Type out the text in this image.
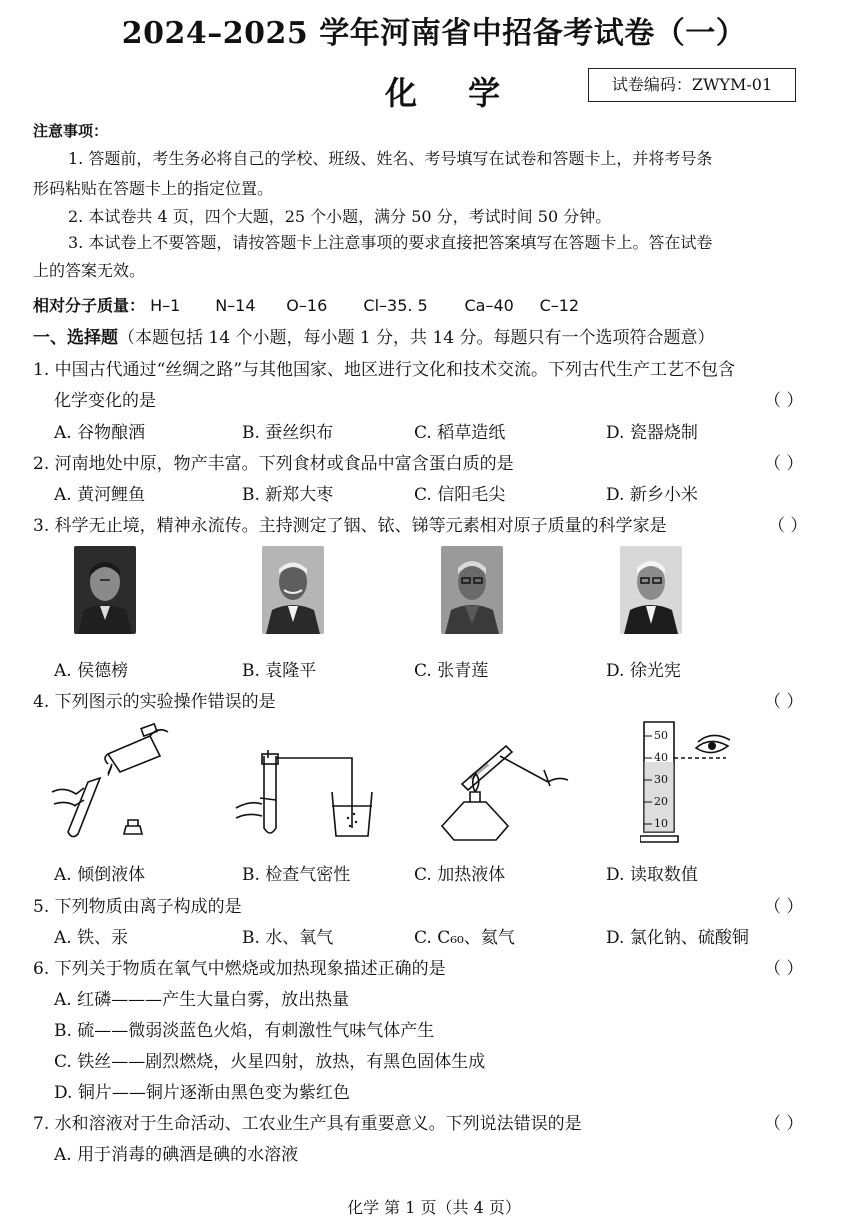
2024–2025 学年河南省中招备考试卷（一）
化 学	试卷编码：ZWYM-01
注意事项：
1. 答题前，考生务必将自己的学校、班级、姓名、考号填写在试卷和答题卡上，并将考号条
形码粘贴在答题卡上的指定位置。
2. 本试卷共 4 页，四个大题，25 个小题，满分 50 分，考试时间 50 分钟。
3. 本试卷上不要答题，请按答题卡上注意事项的要求直接把答案填写在答题卡上。答在试卷
上的答案无效。
相对分子质量： H–1 N–14 O–16 Cl–35. 5 Ca–40 C–12
一、选择题（本题包括 14 个小题，每小题 1 分，共 14 分。每题只有一个选项符合题意）
1. 中国古代通过“丝绸之路”与其他国家、地区进行文化和技术交流。下列古代生产工艺不包含
化学变化的是	（ ）
A. 谷物酿酒	B. 蚕丝织布	C. 稻草造纸	D. 瓷器烧制
2. 河南地处中原，物产丰富。下列食材或食品中富含蛋白质的是	（ ）
A. 黄河鲤鱼	B. 新郑大枣	C. 信阳毛尖	D. 新乡小米
3. 科学无止境，精神永流传。主持测定了铟、铱、锑等元素相对原子质量的科学家是	（ ）
A. 侯德榜	B. 袁隆平	C. 张青莲	D. 徐光宪
4. 下列图示的实验操作错误的是	（ ）
50
40
30
20
10
A. 倾倒液体	B. 检查气密性	C. 加热液体	D. 读取数值
5. 下列物质由离子构成的是	（ ）
A. 铁、汞	B. 水、氧气	C. C₆₀、氦气	D. 氯化钠、硫酸铜
6. 下列关于物质在氧气中燃烧或加热现象描述正确的是	（ ）
A. 红磷———产生大量白雾，放出热量
B. 硫——微弱淡蓝色火焰，有刺激性气味气体产生
C. 铁丝——剧烈燃烧，火星四射，放热，有黑色固体生成
D. 铜片——铜片逐渐由黑色变为紫红色
7. 水和溶液对于生命活动、工农业生产具有重要意义。下列说法错误的是	（ ）
A. 用于消毒的碘酒是碘的水溶液
化学 第 1 页（共 4 页）
